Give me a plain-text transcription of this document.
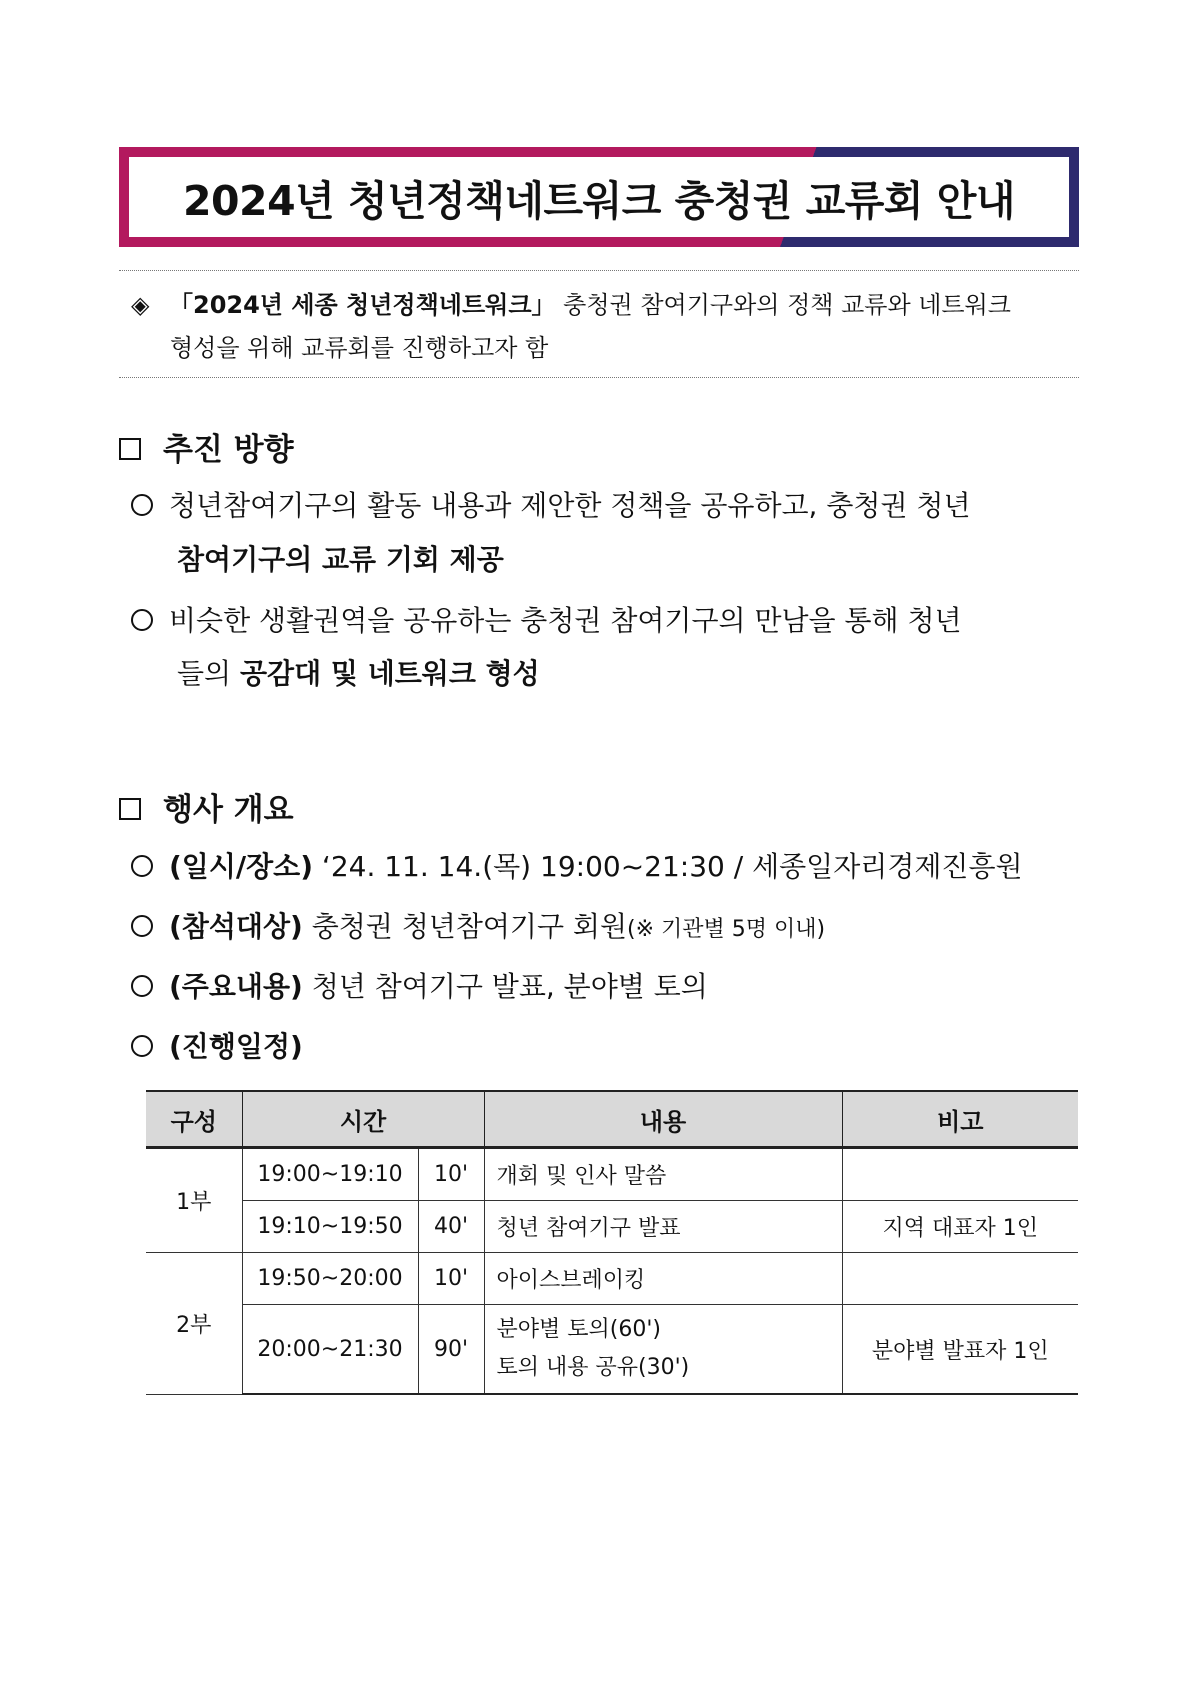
2024년 청년정책네트워크 충청권 교류회 안내
◈ 「2024년 세종 청년정책네트워크」 충청권 참여기구와의 정책 교류와 네트워크
형성을 위해 교류회를 진행하고자 함
추진 방향
청년참여기구의 활동 내용과 제안한 정책을 공유하고, 충청권 청년
참여기구의 교류 기회 제공
비슷한 생활권역을 공유하는 충청권 참여기구의 만남을 통해 청년
들의 공감대 및 네트워크 형성
행사 개요
(일시/장소) ‘24. 11. 14.(목) 19:00~21:30 / 세종일자리경제진흥원
(참석대상) 충청권 청년참여기구 회원(※ 기관별 5명 이내)
(주요내용) 청년 참여기구 발표, 분야별 토의
(진행일정)
구성	시간		내용	비고
1부	19:00~19:10	10'	개회 및 인사 말씀	
	19:10~19:50	40'	청년 참여기구 발표	지역 대표자 1인
2부	19:50~20:00	10'	아이스브레이킹	
	20:00~21:30	90'	분야별 토의(60')
토의 내용 공유(30')	분야별 발표자 1인
